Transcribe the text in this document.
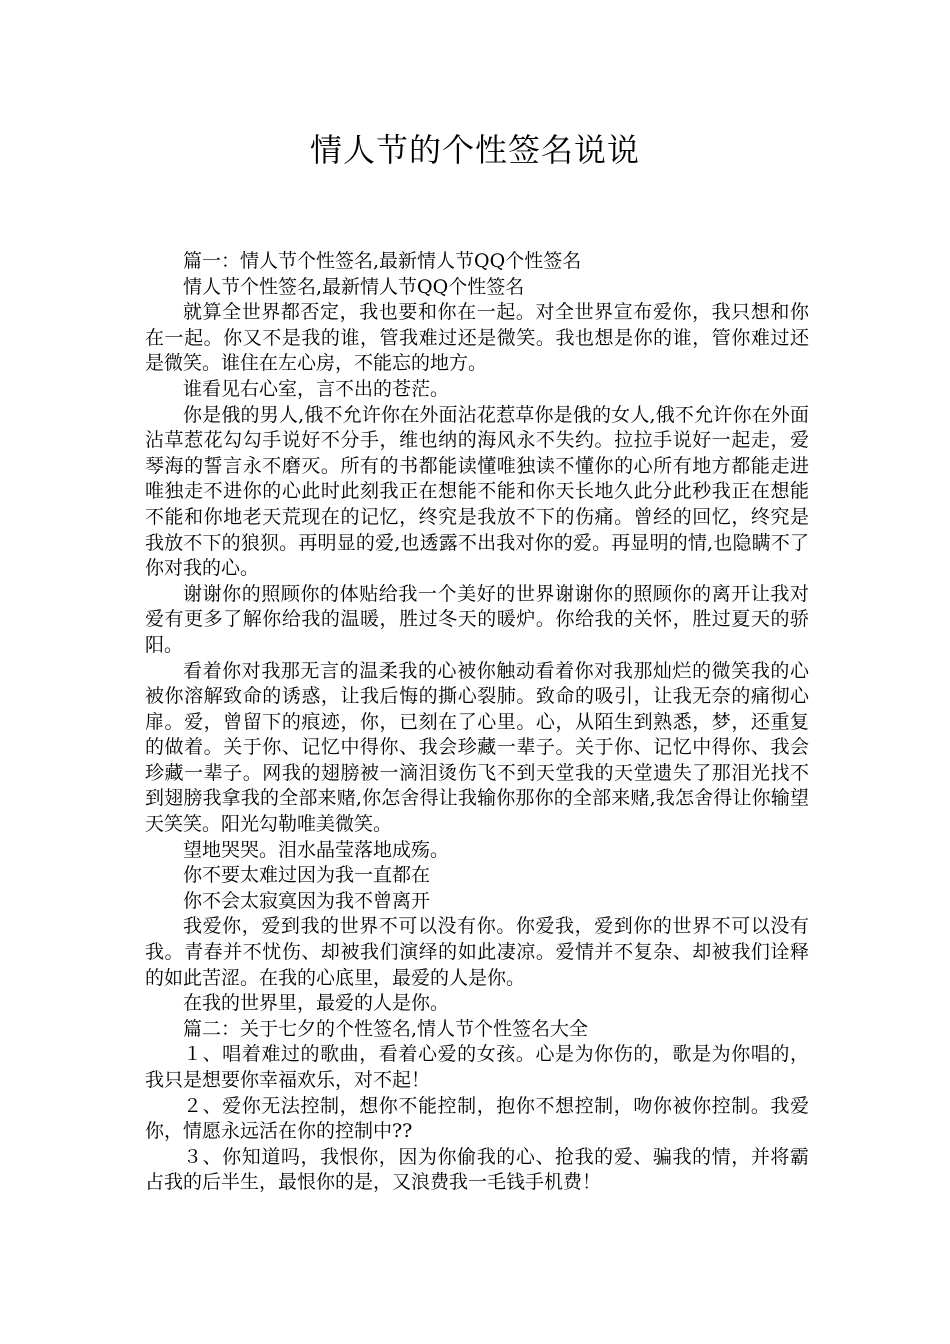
情人节的个性签名说说

篇一：情人节个性签名,最新情人节QQ个性签名

情人节个性签名,最新情人节QQ个性签名

就算全世界都否定，我也要和你在一起。对全世界宣布爱你，我只想和你在一起。你又不是我的谁，管我难过还是微笑。我也想是你的谁，管你难过还是微笑。谁住在左心房，不能忘的地方。

谁看见右心室，言不出的苍茫。

你是俄的男人,俄不允许你在外面沾花惹草你是俄的女人,俄不允许你在外面沾草惹花勾勾手说好不分手，维也纳的海风永不失约。拉拉手说好一起走，爱琴海的誓言永不磨灭。所有的书都能读懂唯独读不懂你的心所有地方都能走进唯独走不进你的心此时此刻我正在想能不能和你天长地久此分此秒我正在想能不能和你地老天荒现在的记忆，终究是我放不下的伤痛。曾经的回忆，终究是我放不下的狼狈。再明显的爱,也透露不出我对你的爱。再显明的情,也隐瞒不了你对我的心。

谢谢你的照顾你的体贴给我一个美好的世界谢谢你的照顾你的离开让我对爱有更多了解你给我的温暖，胜过冬天的暖炉。你给我的关怀，胜过夏天的骄阳。

看着你对我那无言的温柔我的心被你触动看着你对我那灿烂的微笑我的心被你溶解致命的诱惑，让我后悔的撕心裂肺。致命的吸引，让我无奈的痛彻心扉。爱，曾留下的痕迹，你，已刻在了心里。心，从陌生到熟悉，梦，还重复的做着。关于你、记忆中得你、我会珍藏一辈子。关于你、记忆中得你、我会珍藏一辈子。网我的翅膀被一滴泪烫伤飞不到天堂我的天堂遗失了那泪光找不到翅膀我拿我的全部来赌,你怎舍得让我输你那你的全部来赌,我怎舍得让你输望天笑笑。阳光勾勒唯美微笑。

望地哭哭。泪水晶莹落地成殇。

你不要太难过因为我一直都在

你不会太寂寞因为我不曾离开

我爱你，爱到我的世界不可以没有你。你爱我，爱到你的世界不可以没有我。青春并不忧伤、却被我们演绎的如此凄凉。爱情并不复杂、却被我们诠释的如此苦涩。在我的心底里，最爱的人是你。

在我的世界里，最爱的人是你。

篇二：关于七夕的个性签名,情人节个性签名大全

１、唱着难过的歌曲，看着心爱的女孩。心是为你伤的，歌是为你唱的，我只是想要你幸福欢乐，对不起！

２、爱你无法控制，想你不能控制，抱你不想控制，吻你被你控制。我爱你，情愿永远活在你的控制中??

３、你知道吗，我恨你，因为你偷我的心、抢我的爱、骗我的情，并将霸占我的后半生，最恨你的是，又浪费我一毛钱手机费！
